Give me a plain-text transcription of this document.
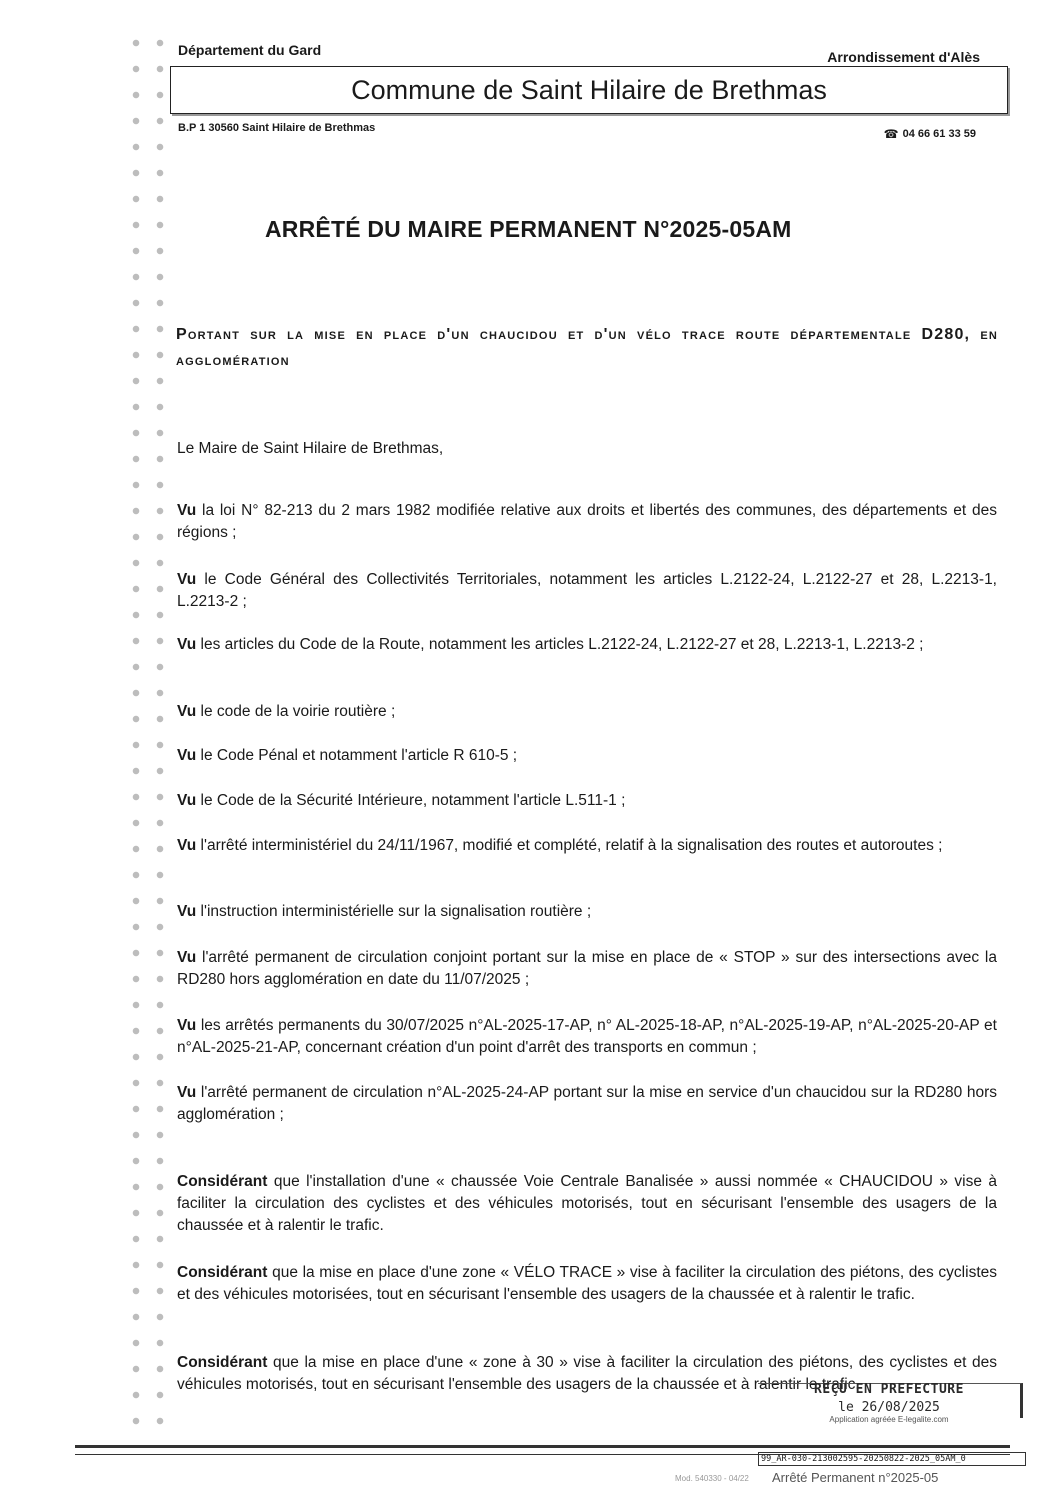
Département du Gard	Arrondissement d'Alès
Commune de Saint Hilaire de Brethmas
B.P 1 30560 Saint Hilaire de Brethmas	☎ 04 66 61 33 59
ARRÊTÉ DU MAIRE PERMANENT N°2025-05AM
Portant sur la mise en place d'un chaucidou et d'un vélo trace route départementale D280, en agglomération
Le Maire de Saint Hilaire de Brethmas,
Vu la loi N° 82-213 du 2 mars 1982 modifiée relative aux droits et libertés des communes, des départements et des régions ;
Vu le Code Général des Collectivités Territoriales, notamment les articles L.2122-24, L.2122-27 et 28, L.2213-1, L.2213-2 ;
Vu les articles du Code de la Route, notamment les articles L.2122-24, L.2122-27 et 28, L.2213-1, L.2213-2 ;
Vu le code de la voirie routière ;
Vu le Code Pénal et notamment l'article R 610-5 ;
Vu le Code de la Sécurité Intérieure, notamment l'article L.511-1 ;
Vu l'arrêté interministériel du 24/11/1967, modifié et complété, relatif à la signalisation des routes et autoroutes ;
Vu l'instruction interministérielle sur la signalisation routière ;
Vu l'arrêté permanent de circulation conjoint portant sur la mise en place de « STOP » sur des intersections avec la RD280 hors agglomération en date du 11/07/2025 ;
Vu les arrêtés permanents du 30/07/2025 n°AL-2025-17-AP, n° AL-2025-18-AP, n°AL-2025-19-AP, n°AL-2025-20-AP et n°AL-2025-21-AP, concernant création d'un point d'arrêt des transports en commun ;
Vu l'arrêté permanent de circulation n°AL-2025-24-AP portant sur la mise en service d'un chaucidou sur la RD280 hors agglomération ;
Considérant que l'installation d'une « chaussée Voie Centrale Banalisée » aussi nommée « CHAUCIDOU » vise à faciliter la circulation des cyclistes et des véhicules motorisés, tout en sécurisant l'ensemble des usagers de la chaussée et à ralentir le trafic.
Considérant que la mise en place d'une zone « VÉLO TRACE » vise à faciliter la circulation des piétons, des cyclistes et des véhicules motorisées, tout en sécurisant l'ensemble des usagers de la chaussée et à ralentir le trafic.
Considérant que la mise en place d'une « zone à 30 » vise à faciliter la circulation des piétons, des cyclistes et des véhicules motorisés, tout en sécurisant l'ensemble des usagers de la chaussée et à ralentir le trafic.
REÇU EN PREFECTURE
le 26/08/2025
Application agréée E-legalite.com
99_AR-030-213002595-20250822-2025_05AM_0
Mod. 540330 - 04/22 Arrêté Permanent n°2025-05
